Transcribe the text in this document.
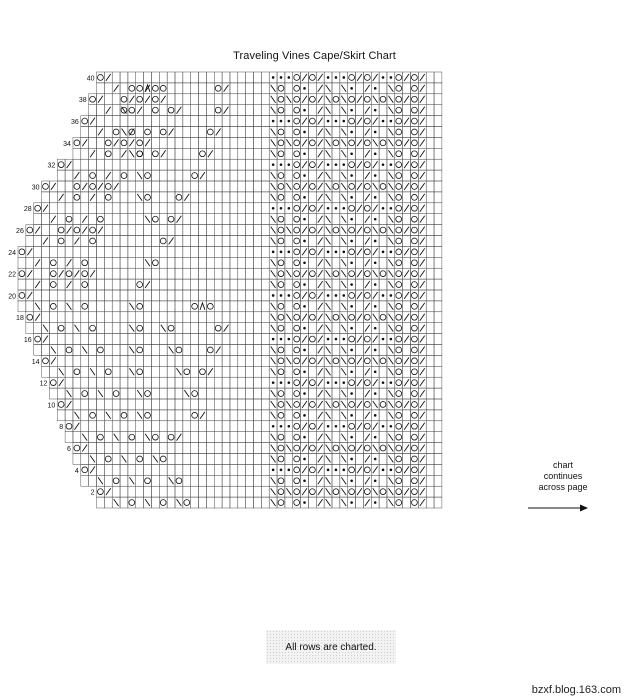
Traveling Vines Cape/Skirt Chart
2
4
6
8
10
12
14
16
18
20
22
24
26
28
30
32
34
36
38
40
chart
continues
across page
All rows are charted.
bzxf.blog.163.com
